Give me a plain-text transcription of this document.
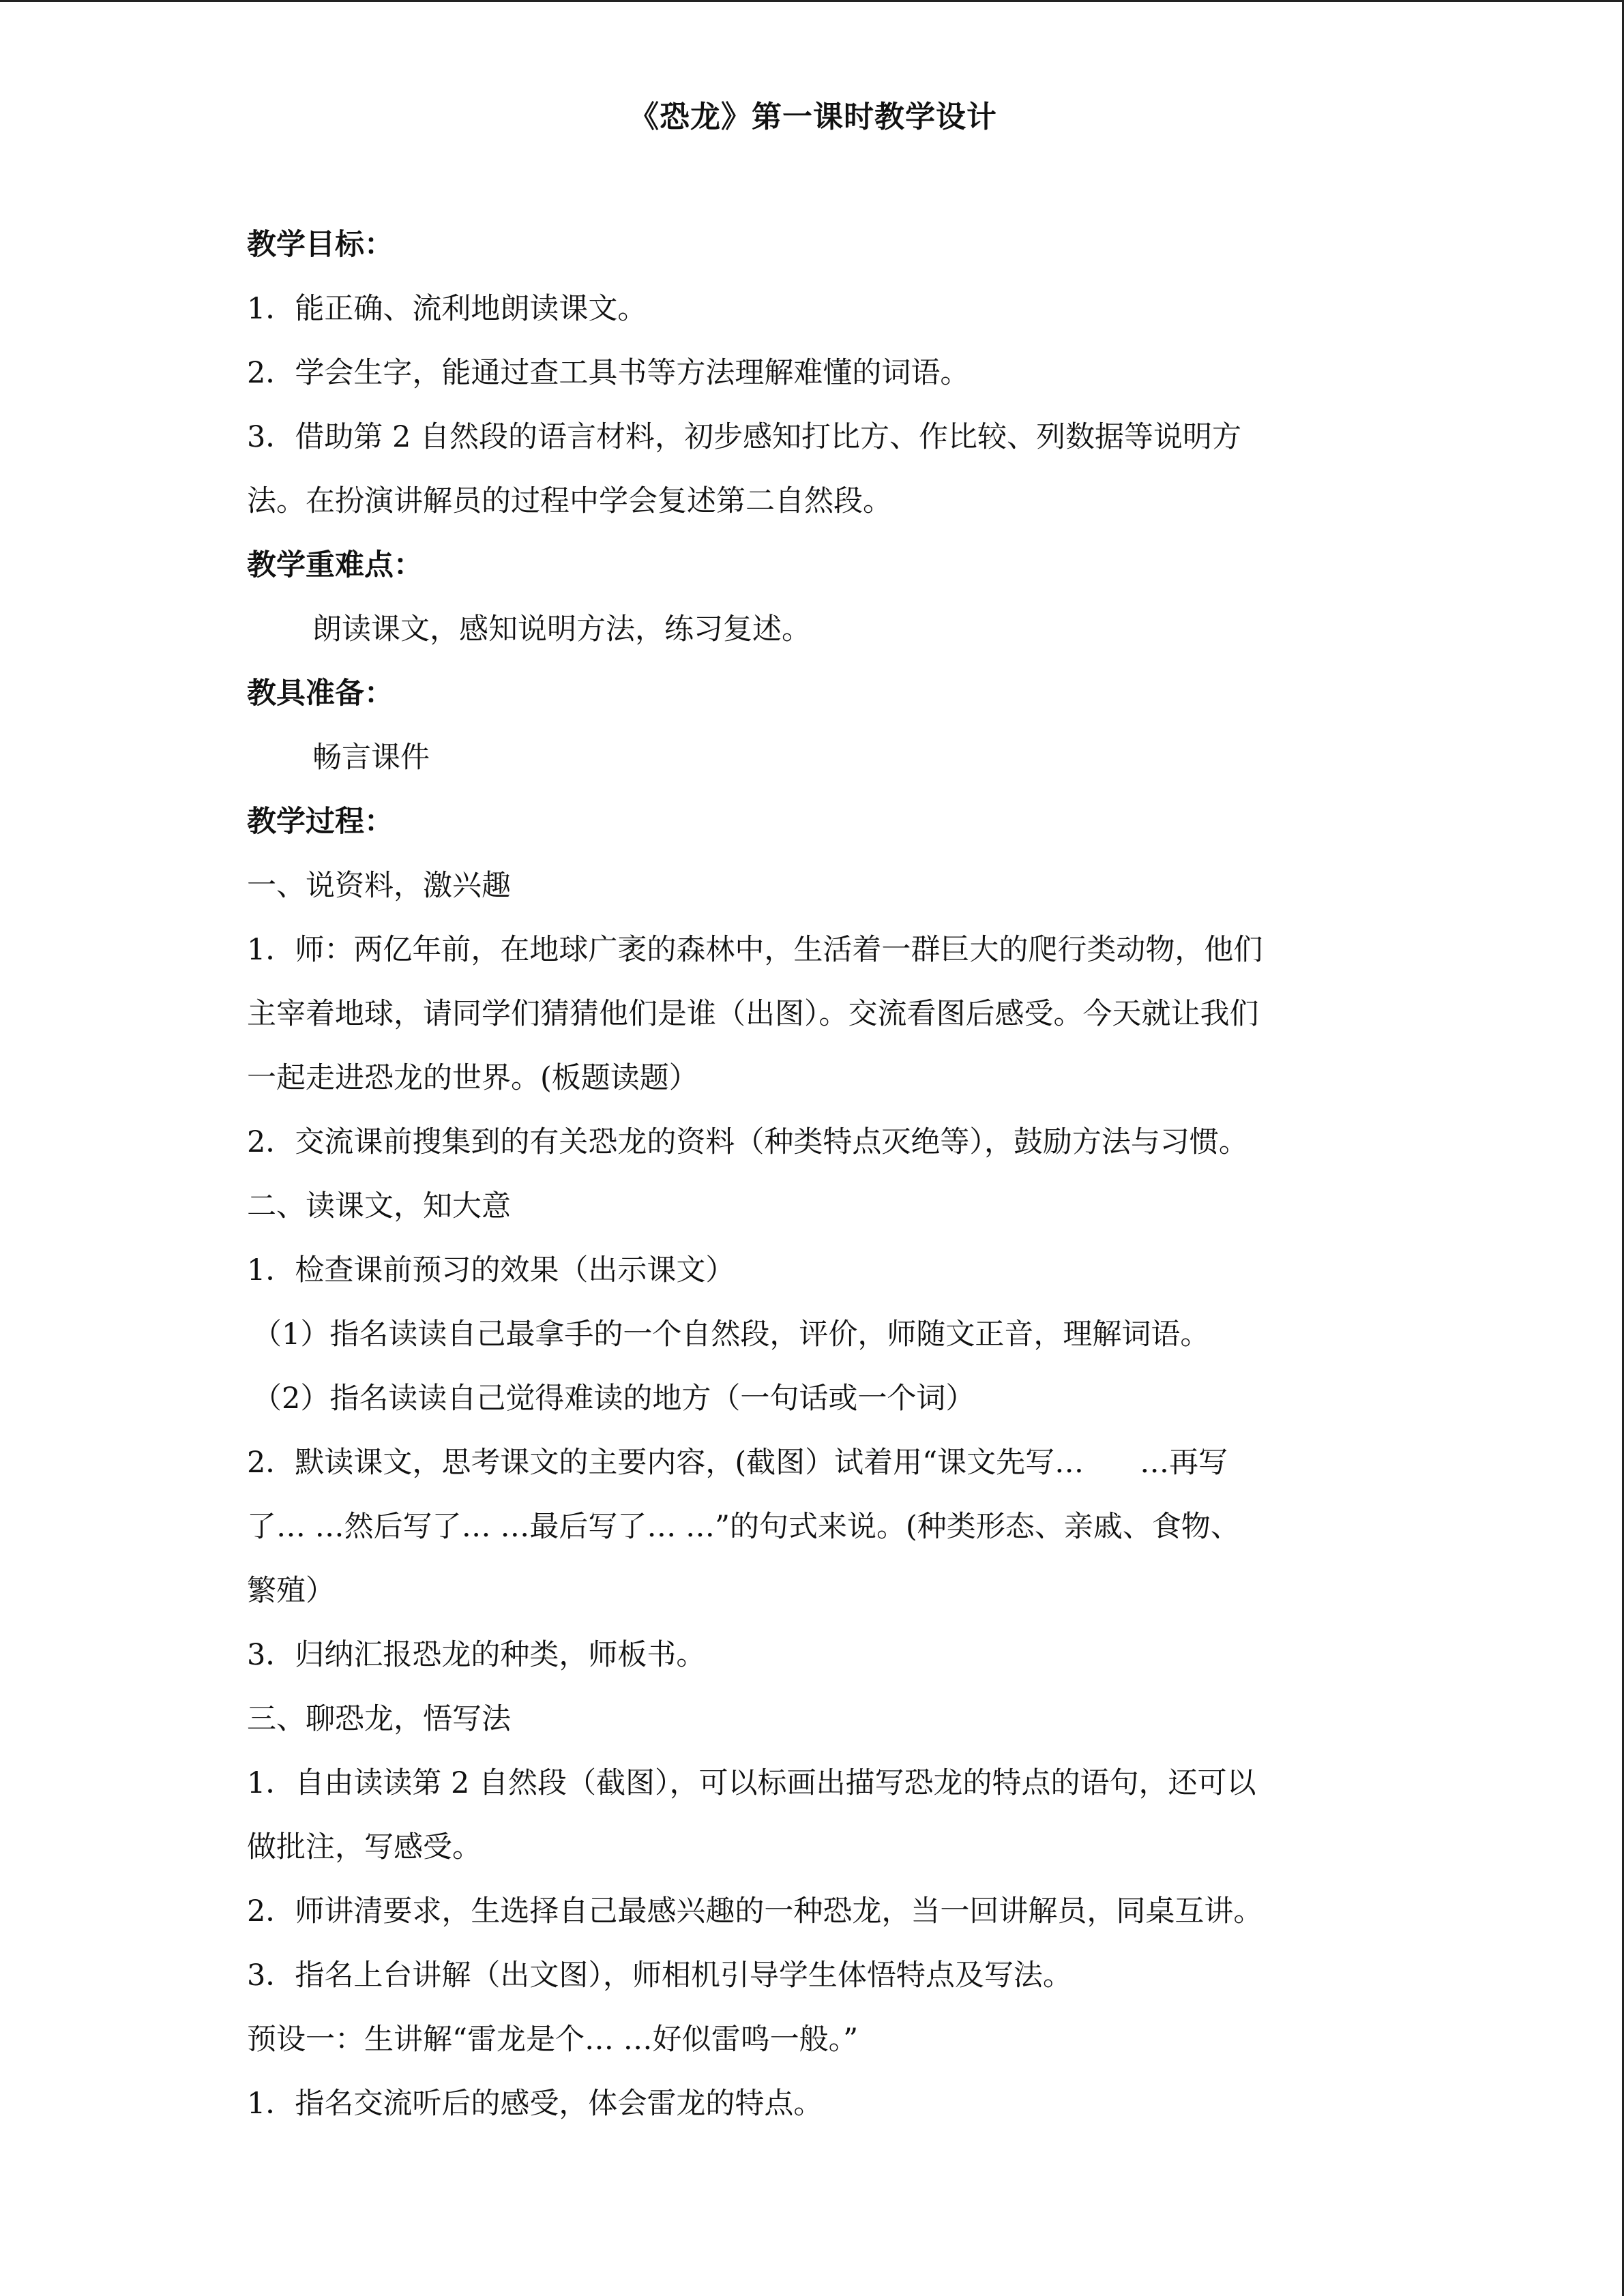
《恐龙》第一课时教学设计

教学目标：

1．能正确、流利地朗读课文。

2．学会生字，能通过查工具书等方法理解难懂的词语。

3．借助第 2 自然段的语言材料，初步感知打比方、作比较、列数据等说明方

法。在扮演讲解员的过程中学会复述第二自然段。

教学重难点：

朗读课文，感知说明方法，练习复述。

教具准备：

畅言课件

教学过程：

一、说资料，激兴趣

1．师：两亿年前，在地球广袤的森林中，生活着一群巨大的爬行类动物，他们

主宰着地球，请同学们猜猜他们是谁（出图）。交流看图后感受。今天就让我们

一起走进恐龙的世界。(板题读题）

2．交流课前搜集到的有关恐龙的资料（种类特点灭绝等），鼓励方法与习惯。

二、读课文，知大意

1．检查课前预习的效果（出示课文）

（1）指名读读自己最拿手的一个自然段，评价，师随文正音，理解词语。

（2）指名读读自己觉得难读的地方（一句话或一个词）

2．默读课文，思考课文的主要内容，(截图）试着用“课文先写…      …再写

了… …然后写了… …最后写了… …”的句式来说。(种类形态、亲戚、食物、

繁殖）

3．归纳汇报恐龙的种类，师板书。

三、聊恐龙，悟写法

1．自由读读第 2 自然段（截图），可以标画出描写恐龙的特点的语句，还可以

做批注，写感受。

2．师讲清要求，生选择自己最感兴趣的一种恐龙，当一回讲解员，同桌互讲。

3．指名上台讲解（出文图），师相机引导学生体悟特点及写法。

预设一：生讲解“雷龙是个… …好似雷鸣一般。”

1．指名交流听后的感受，体会雷龙的特点。
